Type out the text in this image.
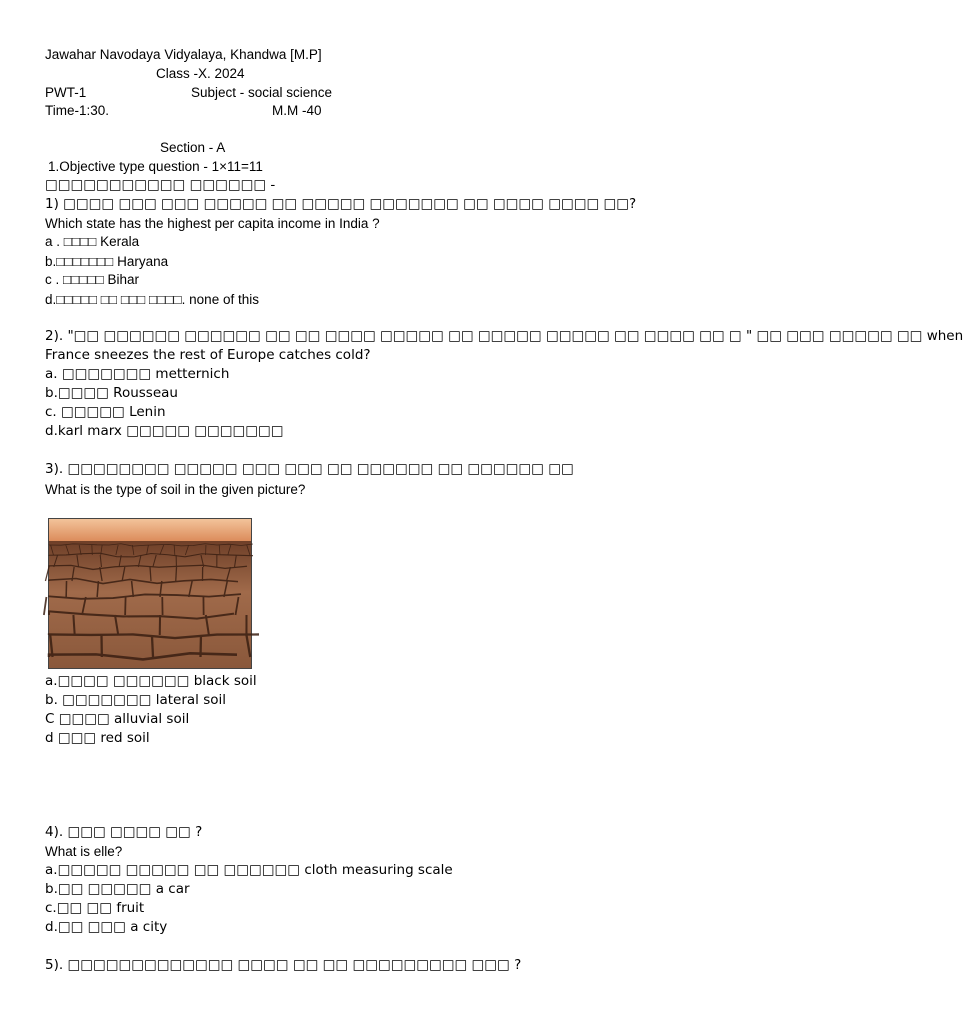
Jawahar Navodaya Vidyalaya, Khandwa [M.P]
Class -X. 2024
PWT-1	Subject - social science
Time-1:30.	M.M -40
Section - A
1.Objective type question - 1×11=11
□□□□□□□□□□□ □□□□□□ -
1) □□□□ □□□ □□□ □□□□□ □□ □□□□□ □□□□□□□ □□ □□□□ □□□□ □□?
Which state has the highest per capita income in India ?
a . □□□□ Kerala
b.□□□□□□□ Haryana
c . □□□□□ Bihar
d.□□□□□ □□ □□□ □□□□. none of this
2). "□□ □□□□□□ □□□□□□ □□ □□ □□□□ □□□□□ □□ □□□□□ □□□□□ □□ □□□□ □□ □ " □□ □□□ □□□□□ □□ when
France sneezes the rest of Europe catches cold?
a. □□□□□□□ metternich
b.□□□□ Rousseau
c. □□□□□ Lenin
d.karl marx □□□□□ □□□□□□□
3). □□□□□□□□ □□□□□ □□□ □□□ □□ □□□□□□ □□ □□□□□□ □□
What is the type of soil in the given picture?
a.□□□□ □□□□□□ black soil
b. □□□□□□□ lateral soil
C □□□□ alluvial soil
d □□□ red soil
4). □□□ □□□□ □□ ?
What is elle?
a.□□□□□ □□□□□ □□ □□□□□□ cloth measuring scale
b.□□ □□□□□ a car
c.□□ □□ fruit
d.□□ □□□ a city
5). □□□□□□□□□□□□□ □□□□ □□ □□ □□□□□□□□□ □□□ ?
